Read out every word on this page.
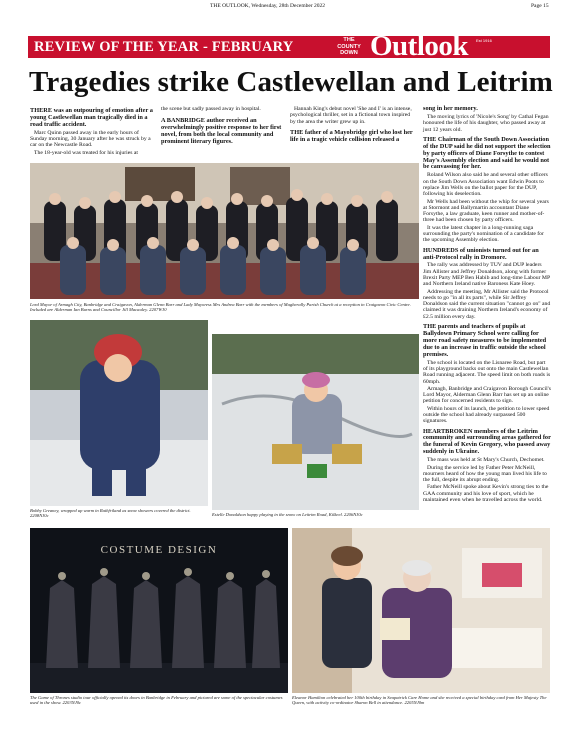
THE OUTLOOK, Wednesday, 28th December 2022	Page 15
REVIEW OF THE YEAR - FEBRUARY	THE
COUNTY
DOWN Outlook Est 1916
Tragedies strike Castlewellan and Leitrim

THERE was an outpouring of emotion after a young Castlewellan man tragically died in a road traffic accident.

Marc Quinn passed away in the early hours of Sunday morning, 30 January after he was struck by a car on the Newcastle Road.

The 18-year-old was treated for his injuries at

the scene but sadly passed away in hospital.

A BANBRIDGE author received an overwhelmingly positive response to her first novel, from both the local community and prominent literary figures.

Hannah King's debut novel 'She and I' is an intense, psychological thriller, set in a fictional town inspired by the area the writer grew up in.

THE father of a Mayobridge girl who lost her life in a tragic vehicle collision released a

song in her memory.

The moving lyrics of 'Nicole's Song' by Cathal Fegan honoured the life of his daughter, who passed away at just 12 years old.

THE Chairman of the South Down Association of the DUP said he did not support the selection by party officers of Diane Forsythe to contest May's Assembly election and said he would not be canvassing for her.

Roland Wilson also said he and several other officers on the South Down Association want Edwin Poots to replace Jim Wells on the ballot paper for the DUP, following his deselection.

Mr Wells had been without the whip for several years at Stormont and Ballymartin accountant Diane Forsythe, a law graduate, keen runner and mother-of-three had been chosen by party officers.

It was the latest chapter in a long-running saga surrounding the party's nomination of a candidate for the upcoming Assembly election.

HUNDREDS of unionists turned out for an anti-Protocol rally in Dromore.

The rally was addressed by TUV and DUP leaders Jim Allister and Jeffrey Donaldson, along with former Brexit Party MEP Ben Habib and long-time Labour MP and Northern Ireland native Baroness Kate Hoey.

Addressing the meeting, Mr Allister said the Protocol needs to go "in all its parts", while Sir Jeffrey Donaldson said the current situation "cannot go on" and claimed it was draining Northern Ireland's economy of £2.5 million every day.

THE parents and teachers of pupils at Ballydown Primary School were calling for more road safety measures to be implemented due to an increase in traffic outside the school premises.

The school is located on the Lisnaree Road, but part of its playground backs out onto the main Castlewellan Road running adjacent. The speed limit on both roads is 60mph.

Armagh, Banbridge and Craigavon Borough Council's Lord Mayor, Alderman Glenn Barr has set up an online petition for concerned residents to sign.

Within hours of its launch, the petition to lower speed outside the school had already surpassed 500 signatures.

HEARTBROKEN members of the Leitrim community and surrounding areas gathered for the funeral of Kevin Gregory, who passed away suddenly in Ukraine.

The mass was held at St Mary's Church, Dechomet.

During the service led by Father Peter McNeill, mourners heard of how the young man lived his life to the full, despite its abrupt ending.

Father McNeill spoke about Kevin's strong ties to the GAA community and his love of sport, which he maintained even when he travelled across the world.

Lord Mayor of Armagh City, Banbridge and Craigavon, Alderman Glenn Barr and Lady Mayoress Mrs Andrea Barr with the members of Magherally Parish Church at a reception in Craigavon Civic Centre. Included are Alderman Ian Burns and Councillor Jill Macauley. 2207WJ0
Bobby Greaney, wrapped up warm in Rathfriland as snow showers covered the district. 2208NJ0c	Estelle Donaldson happy playing in the snow on Leitrim Road, Kilkeel. 2206NJ0c
COSTUME DESIGN
The Game of Thrones studio tour officially opened its doors in Banbridge in February and pictured are some of the spectacular costumes used in the show. 2203NJ0c
Eleanor Hamilton celebrated her 100th birthday in Seapatrick Care Home and she received a special birthday card from Her Majesty The Queen, with activity co-ordinator Sharon Bell in attendance. 2205NJ0m
